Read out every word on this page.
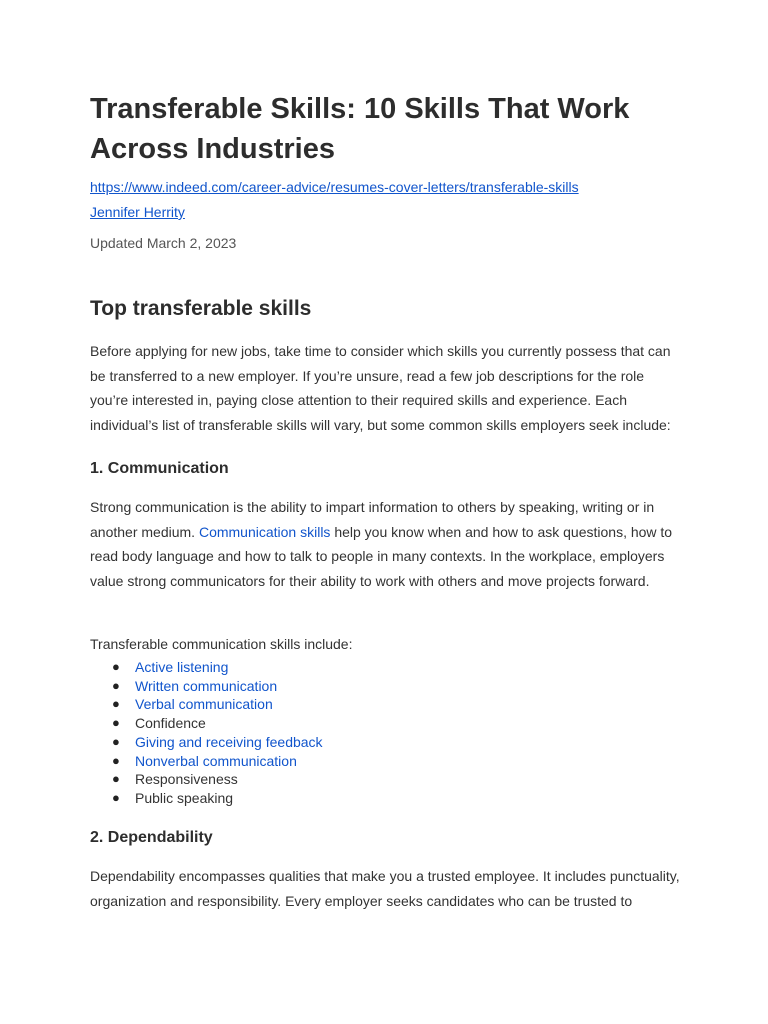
Transferable Skills: 10 Skills That Work Across Industries
https://www.indeed.com/career-advice/resumes-cover-letters/transferable-skills
Jennifer Herrity
Updated March 2, 2023
Top transferable skills

Before applying for new jobs, take time to consider which skills you currently possess that can be transferred to a new employer. If you’re unsure, read a few job descriptions for the role you’re interested in, paying close attention to their required skills and experience. Each individual’s list of transferable skills will vary, but some common skills employers seek include:

1. Communication

Strong communication is the ability to impart information to others by speaking, writing or in another medium. Communication skills help you know when and how to ask questions, how to read body language and how to talk to people in many contexts. In the workplace, employers value strong communicators for their ability to work with others and move projects forward.

Transferable communication skills include:

● Active listening
● Written communication
● Verbal communication
● Confidence
● Giving and receiving feedback
● Nonverbal communication
● Responsiveness
● Public speaking
2. Dependability

Dependability encompasses qualities that make you a trusted employee. It includes punctuality, organization and responsibility. Every employer seeks candidates who can be trusted to
